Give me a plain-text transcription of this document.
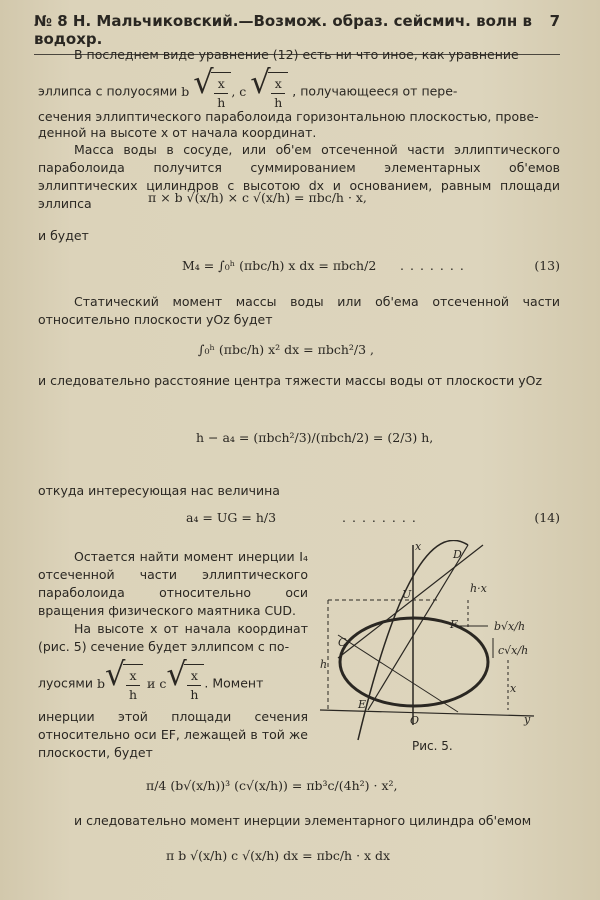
№ 8 Н. Мальчиковский.—Возмож. образ. сейсмич. волн в водохр.
7
В последнем виде уравнение (12) есть ни что иное, как уравнение
эллипса с полуосями b √ $\frac{x}{h}$ , c √ $\frac{x}{h}$ , получающееся от пере-
сечения эллиптического параболоида горизонтальною плоскостью, прове-
денной на высоте x от начала координат.
Масса воды в сосуде, или об'ем отсеченной части эллиптического параболоида получится суммированием элементарных об'емов эллиптических цилиндров с высотою dx и основанием, равным площади эллипса	π × b √(x/h) × c √(x/h) = πbc/h · x,
и будет
M₄ = ∫₀ʰ (πbc/h) x dx = πbch/2 .......	(13)
Статический момент массы воды или об'ема отсеченной части относительно плоскости yOz будет
∫₀ʰ (πbc/h) x² dx = πbch²/3 ,
и следовательно расстояние центра тяжести массы воды от плоскости yOz
h − a₄ = (πbch²/3)/(πbch/2) = (2/3) h,
откуда интересующая нас величина
a₄ = UG = h/3	........	(14)
Остается найти момент инерции I₄ отсеченной части эллиптического параболоида относительно оси вращения физического маятника CUD.
На высоте x от начала координат (рис. 5) сечение будет эллипсом с по-
луосями b √ $\frac{x}{h}$ и c √ $\frac{x}{h}$ . Момент
инерции этой площади сечения относительно оси EF, лежащей в той же плоскости, будет
x
D
U	h·x
F	b√x/h
c√x/h
C
E
h
x
O	y
Рис. 5.
π/4 (b√(x/h))³ (c√(x/h)) = πb³c/(4h²) · x²,
и следовательно момент инерции элементарного цилиндра об'емом
π b √(x/h) c √(x/h) dx = πbc/h · x dx
